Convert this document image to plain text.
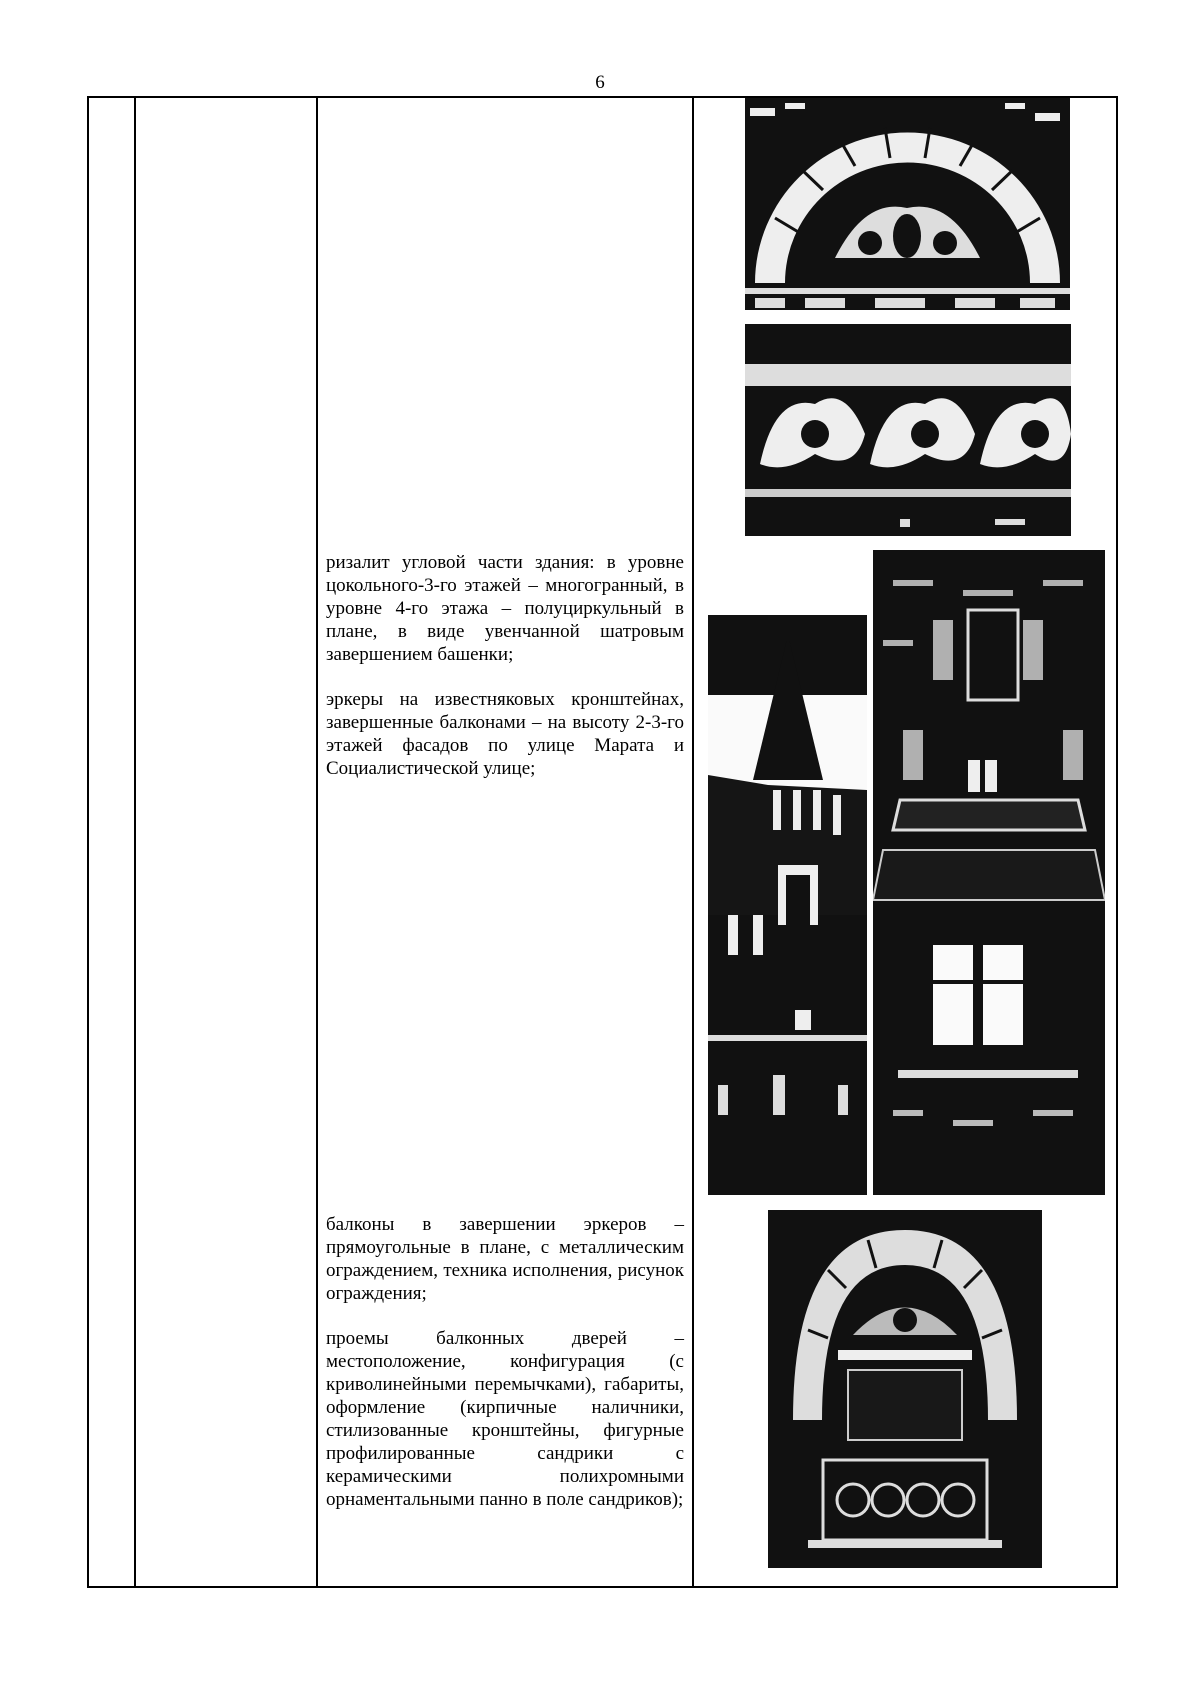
6

ризалит угловой части здания: в уровне цокольного-3-го этажей – многогранный, в уровне 4-го этажа – полуциркульный в плане, в виде увенчанной шатровым завершением башенки;

эркеры на известняковых кронштейнах, завершенные балконами – на высоту 2-3-го этажей фасадов по улице Марата и Социалистической улице;

балконы в завершении эркеров – прямоугольные в плане, с металлическим ограждением, техника исполнения, рисунок ограждения;

проемы балконных дверей – местоположение, конфигурация (с криволинейными перемычками), габариты, оформление (кирпичные наличники, стилизованные кронштейны, фигурные профилированные сандрики с керамическими полихромными орнаментальными панно в поле сандриков);
